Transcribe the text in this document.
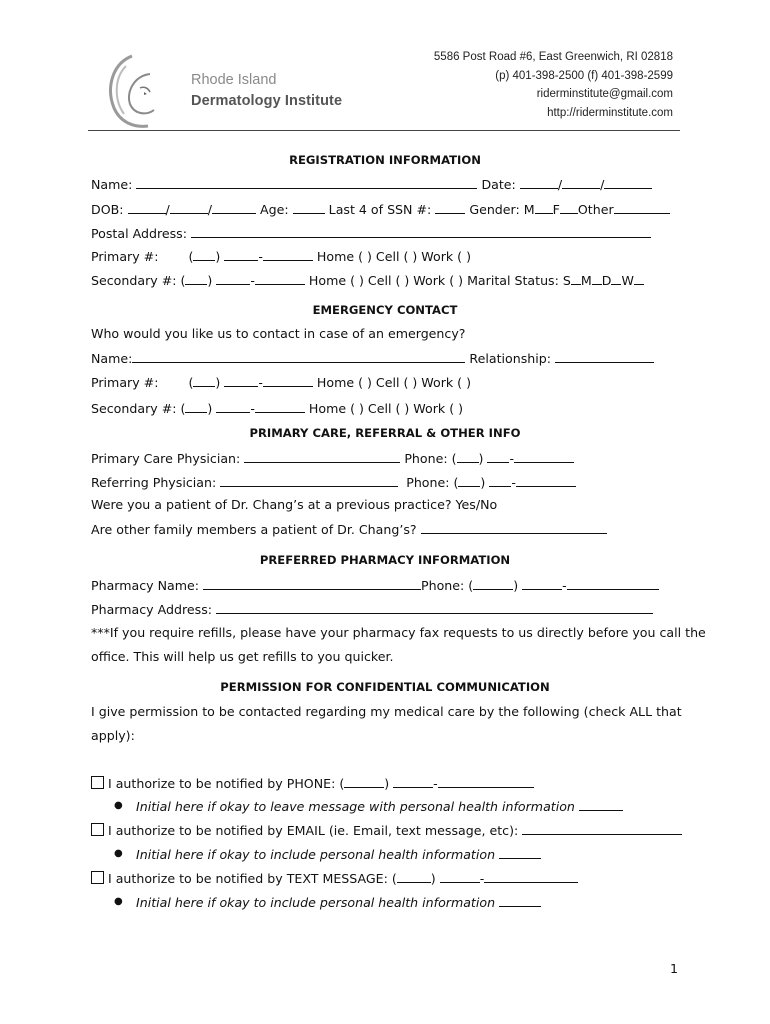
Rhode Island
Dermatology Institute
5586 Post Road #6, East Greenwich, RI 02818
(p) 401-398-2500 (f) 401-398-2599
riderminstitute@gmail.com
http://riderminstitute.com
REGISTRATION INFORMATION
Name:	Date:	/	/
DOB:	/	/	Age:	Last 4 of SSN #:	Gender: M F Other
Postal Address:
Primary #: ( )	-	Home ( ) Cell ( ) Work ( )
Secondary #: ( )	-	Home ( ) Cell ( ) Work ( ) Marital Status: S M D W
EMERGENCY CONTACT
Who would you like us to contact in case of an emergency?
Name:	Relationship:
Primary #: ( )	-	Home ( ) Cell ( ) Work ( )
Secondary #: ( )	-	Home ( ) Cell ( ) Work ( )
PRIMARY CARE, REFERRAL & OTHER INFO
Primary Care Physician:	Phone: ( ) -
Referring Physician:	Phone: ( ) -
Were you a patient of Dr. Chang’s at a previous practice? Yes/No
Are other family members a patient of Dr. Chang’s?
PREFERRED PHARMACY INFORMATION
Pharmacy Name:	Phone: (	)	-
Pharmacy Address:
***If you require refills, please have your pharmacy fax requests to us directly before you call the
office. This will help us get refills to you quicker.
PERMISSION FOR CONFIDENTIAL COMMUNICATION
I give permission to be contacted regarding my medical care by the following (check ALL that
apply):
I authorize to be notified by PHONE: (	)	-
● Initial here if okay to leave message with personal health information
I authorize to be notified by EMAIL (ie. Email, text message, etc):
● Initial here if okay to include personal health information
I authorize to be notified by TEXT MESSAGE: (	)	-
● Initial here if okay to include personal health information
1
